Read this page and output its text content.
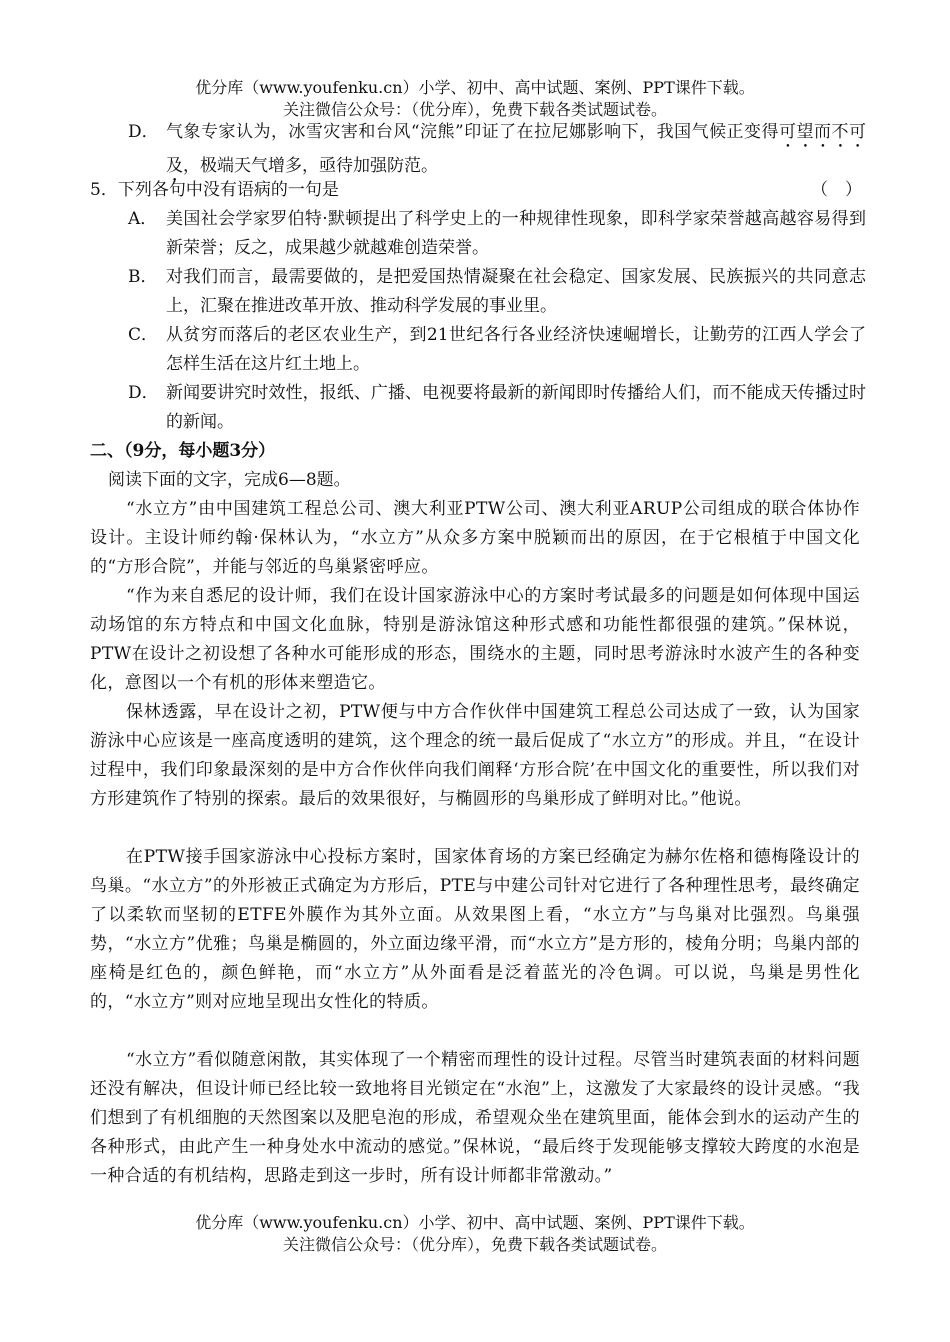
优分库（www.youfenku.cn）小学、初中、高中试题、案例、PPT课件下载。
关注微信公众号：（优分库），免费下载各类试题试卷。
D． 气象专家认为，冰雪灾害和台风“浣熊”印证了在拉尼娜影响下，我国气候正变得可望而不可及，极端天气增多，亟待加强防范。
5．下列各句中没有语病的一句是	（　）
A． 美国社会学家罗伯特·默顿提出了科学史上的一种规律性现象，即科学家荣誉越高越容易得到新荣誉；反之，成果越少就越难创造荣誉。
B． 对我们而言，最需要做的，是把爱国热情凝聚在社会稳定、国家发展、民族振兴的共同意志上，汇聚在推进改革开放、推动科学发展的事业里。
C． 从贫穷而落后的老区农业生产，到21世纪各行各业经济快速崛增长，让勤劳的江西人学会了怎样生活在这片红土地上。
D． 新闻要讲究时效性，报纸、广播、电视要将最新的新闻即时传播给人们，而不能成天传播过时的新闻。
二、（9分，每小题3分）
阅读下面的文字，完成6—8题。
“水立方”由中国建筑工程总公司、澳大利亚PTW公司、澳大利亚ARUP公司组成的联合体协作设计。主设计师约翰·保林认为，“水立方”从众多方案中脱颖而出的原因，在于它根植于中国文化的“方形合院”，并能与邻近的鸟巢紧密呼应。
“作为来自悉尼的设计师，我们在设计国家游泳中心的方案时考试最多的问题是如何体现中国运动场馆的东方特点和中国文化血脉，特别是游泳馆这种形式感和功能性都很强的建筑。”保林说，PTW在设计之初设想了各种水可能形成的形态，围绕水的主题，同时思考游泳时水波产生的各种变化，意图以一个有机的形体来塑造它。
保林透露，早在设计之初，PTW便与中方合作伙伴中国建筑工程总公司达成了一致，认为国家游泳中心应该是一座高度透明的建筑，这个理念的统一最后促成了“水立方”的形成。并且，“在设计过程中，我们印象最深刻的是中方合作伙伴向我们阐释‘方形合院’在中国文化的重要性，所以我们对方形建筑作了特别的探索。最后的效果很好，与椭圆形的鸟巢形成了鲜明对比。”他说。
在PTW接手国家游泳中心投标方案时，国家体育场的方案已经确定为赫尔佐格和德梅隆设计的鸟巢。“水立方”的外形被正式确定为方形后，PTE与中建公司针对它进行了各种理性思考，最终确定了以柔软而坚韧的ETFE外膜作为其外立面。从效果图上看，“水立方”与鸟巢对比强烈。鸟巢强势，“水立方”优雅；鸟巢是椭圆的，外立面边缘平滑，而“水立方”是方形的，棱角分明；鸟巢内部的座椅是红色的，颜色鲜艳，而“水立方”从外面看是泛着蓝光的冷色调。可以说，鸟巢是男性化的，“水立方”则对应地呈现出女性化的特质。
“水立方”看似随意闲散，其实体现了一个精密而理性的设计过程。尽管当时建筑表面的材料问题还没有解决，但设计师已经比较一致地将目光锁定在“水泡”上，这激发了大家最终的设计灵感。“我们想到了有机细胞的天然图案以及肥皂泡的形成，希望观众坐在建筑里面，能体会到水的运动产生的各种形式，由此产生一种身处水中流动的感觉。”保林说，“最后终于发现能够支撑较大跨度的水泡是一种合适的有机结构，思路走到这一步时，所有设计师都非常激动。”
优分库（www.youfenku.cn）小学、初中、高中试题、案例、PPT课件下载。
关注微信公众号：（优分库），免费下载各类试题试卷。
